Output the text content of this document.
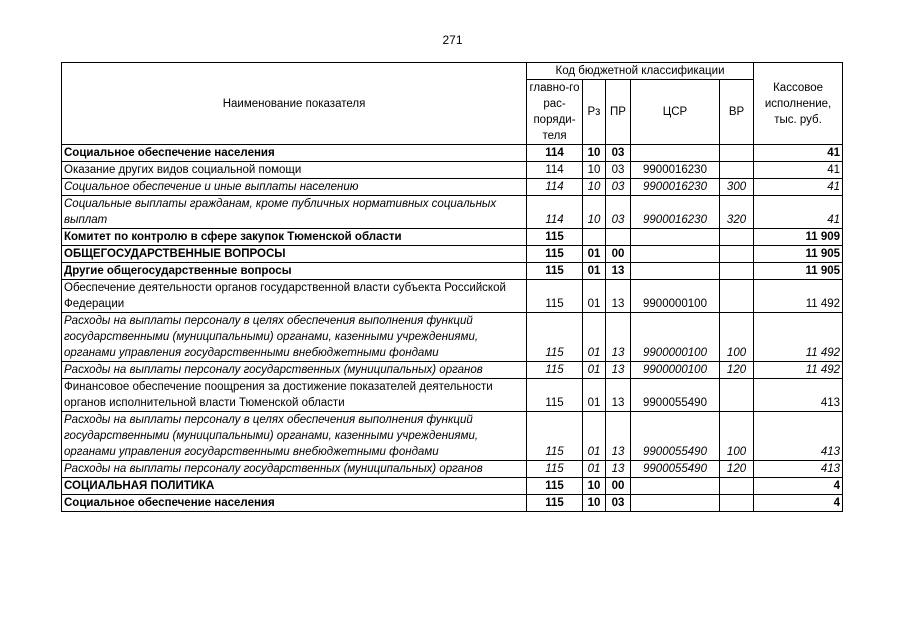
271
Наименование показателя	Код бюджетной классификации					Кассовое исполнение, тыс. руб.
	главно-го рас-поряди-теля	Рз	ПР	ЦСР	ВР	
Социальное обеспечение населения	114	10	03			41
Оказание других видов социальной помощи	114	10	03	9900016230		41
Социальное обеспечение и иные выплаты населению	114	10	03	9900016230	300	41
Социальные выплаты гражданам, кроме публичных нормативных социальных выплат	114	10	03	9900016230	320	41
Комитет по контролю в сфере закупок Тюменской области	115					11 909
ОБЩЕГОСУДАРСТВЕННЫЕ ВОПРОСЫ	115	01	00			11 905
Другие общегосударственные вопросы	115	01	13			11 905
Обеспечение деятельности органов государственной власти субъекта Российской Федерации	115	01	13	9900000100		11 492
Расходы на выплаты персоналу в целях обеспечения выполнения функций государственными (муниципальными) органами, казенными учреждениями, органами управления государственными внебюджетными фондами	115	01	13	9900000100	100	11 492
Расходы на выплаты персоналу государственных (муниципальных) органов	115	01	13	9900000100	120	11 492
Финансовое обеспечение поощрения за достижение показателей деятельности органов исполнительной власти Тюменской области	115	01	13	9900055490		413
Расходы на выплаты персоналу в целях обеспечения выполнения функций государственными (муниципальными) органами, казенными учреждениями, органами управления государственными внебюджетными фондами	115	01	13	9900055490	100	413
Расходы на выплаты персоналу государственных (муниципальных) органов	115	01	13	9900055490	120	413
СОЦИАЛЬНАЯ ПОЛИТИКА	115	10	00			4
Социальное обеспечение населения	115	10	03			4
